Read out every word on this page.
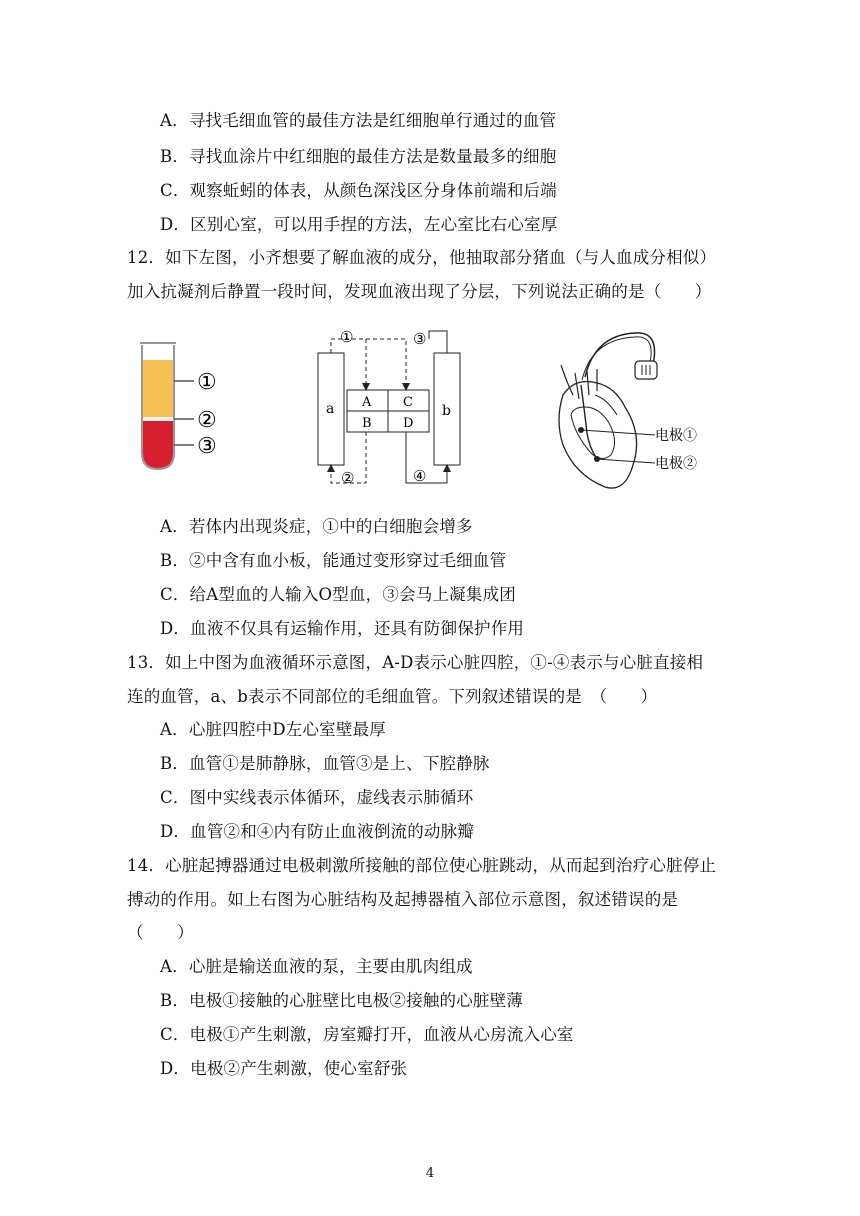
A．寻找毛细血管的最佳方法是红细胞单行通过的血管
B．寻找血涂片中红细胞的最佳方法是数量最多的细胞
C．观察蚯蚓的体表，从颜色深浅区分身体前端和后端
D．区别心室，可以用手捏的方法，左心室比右心室厚
12．如下左图，小齐想要了解血液的成分，他抽取部分猪血（与人血成分相似）
加入抗凝剂后静置一段时间，发现血液出现了分层，下列说法正确的是（　　）
①
②
③
a	b
A C
B D
①
②
③
④
电极①
电极②
A．若体内出现炎症，①中的白细胞会增多
B．②中含有血小板，能通过变形穿过毛细血管
C．给A型血的人输入O型血，③会马上凝集成团
D．血液不仅具有运输作用，还具有防御保护作用
13．如上中图为血液循环示意图，A-D表示心脏四腔，①-④表示与心脏直接相
连的血管，a、b表示不同部位的毛细血管。下列叙述错误的是　（　　）
A．心脏四腔中D左心室壁最厚
B．血管①是肺静脉，血管③是上、下腔静脉
C．图中实线表示体循环，虚线表示肺循环
D．血管②和④内有防止血液倒流的动脉瓣
14．心脏起搏器通过电极刺激所接触的部位使心脏跳动，从而起到治疗心脏停止
搏动的作用。如上右图为心脏结构及起搏器植入部位示意图，叙述错误的是
（　　）
A．心脏是输送血液的泵，主要由肌肉组成
B．电极①接触的心脏壁比电极②接触的心脏壁薄
C．电极①产生刺激，房室瓣打开，血液从心房流入心室
D．电极②产生刺激，使心室舒张
4
